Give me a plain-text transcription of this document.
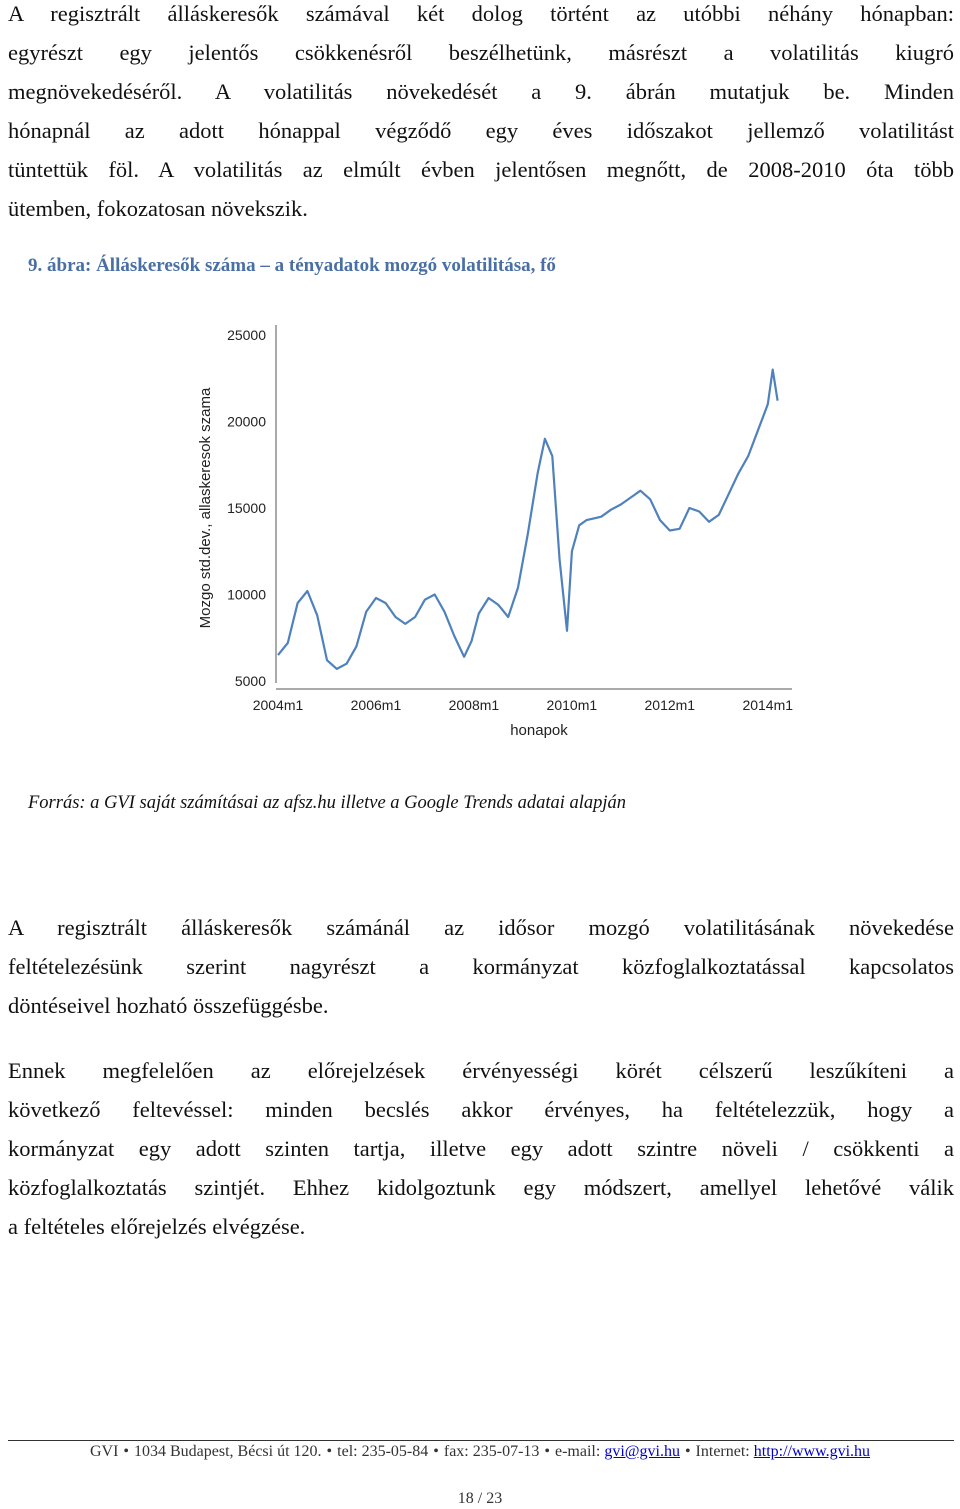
A regisztrált álláskeresők számával két dolog történt az utóbbi néhány hónapban:
egyrészt egy jelentős csökkenésről beszélhetünk, másrészt a volatilitás kiugró
megnövekedéséről. A volatilitás növekedését a 9. ábrán mutatjuk be. Minden
hónapnál az adott hónappal végződő egy éves időszakot jellemző volatilitást
tüntettük föl. A volatilitás az elmúlt évben jelentősen megnőtt, de 2008-2010 óta több
ütemben, fokozatosan növekszik.

9. ábra: Álláskeresők száma – a tényadatok mozgó volatilitása, fő

5000
10000
15000
20000
25000
2004m1	2006m1	2008m1	2010m1	2012m1	2014m1
Mozgo std.dev., allaskeresok szama
honapok

Forrás: a GVI saját számításai az afsz.hu illetve a Google Trends adatai alapján

A regisztrált álláskeresők számánál az idősor mozgó volatilitásának növekedése
feltételezésünk szerint nagyrészt a kormányzat közfoglalkoztatással kapcsolatos
döntéseivel hozható összefüggésbe.
Ennek megfelelően az előrejelzések érvényességi körét célszerű leszűkíteni a
következő feltevéssel: minden becslés akkor érvényes, ha feltételezzük, hogy a
kormányzat egy adott szinten tartja, illetve egy adott szintre növeli / csökkenti a
közfoglalkoztatás szintjét. Ehhez kidolgoztunk egy módszert, amellyel lehetővé válik
a feltételes előrejelzés elvégzése.
GVI • 1034 Budapest, Bécsi út 120. • tel: 235-05-84 • fax: 235-07-13 • e-mail: gvi@gvi.hu • Internet: http://www.gvi.hu
18 / 23
